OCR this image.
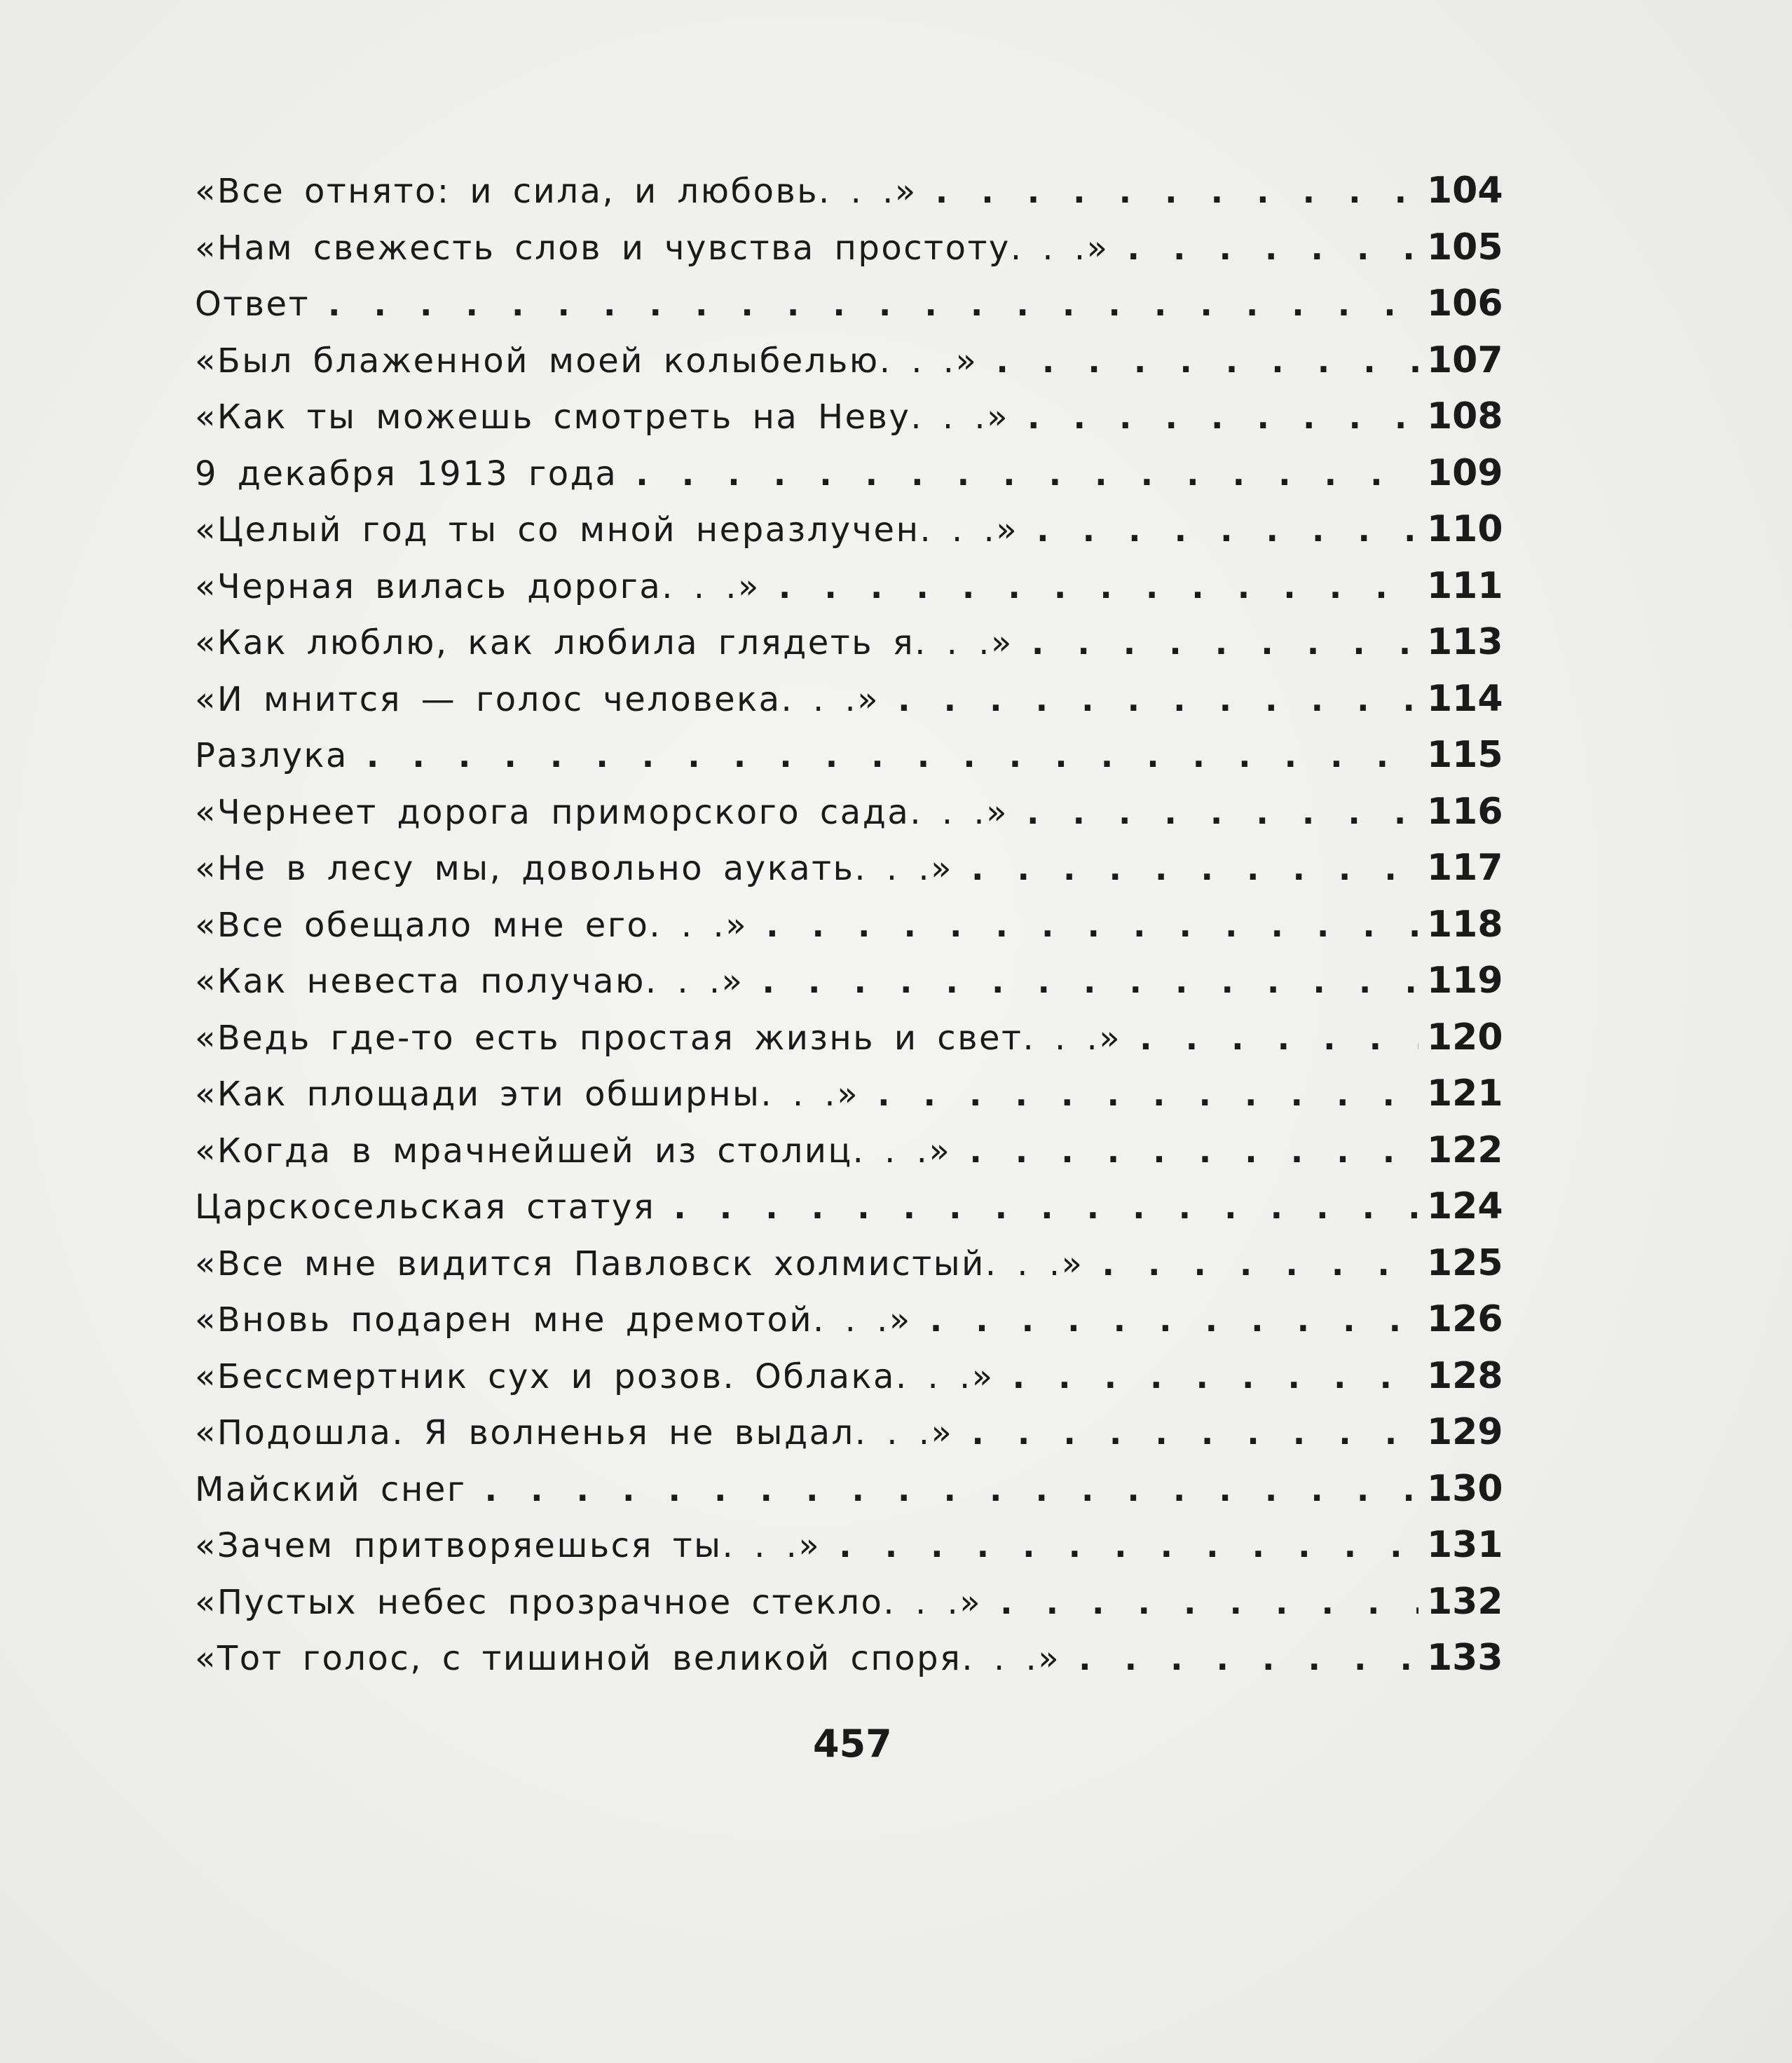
«Все отнято: и сила, и любовь. . .» . . .	104
«Нам свежесть слов и чувства простоту. . .» . . .	105
Ответ . . .	106
«Был блаженной моей колыбелью. . .» . . .	107
«Как ты можешь смотреть на Неву. . .» . . .	108
9 декабря 1913 года . . .	109
«Целый год ты со мной неразлучен. . .» . . .	110
«Черная вилась дорога. . .» . . .	111
«Как люблю, как любила глядеть я. . .» . . .	113
«И мнится — голос человека. . .» . . .	114
Разлука . . .	115
«Чернеет дорога приморского сада. . .» . . .	116
«Не в лесу мы, довольно аукать. . .» . . .	117
«Все обещало мне его. . .» . . .	118
«Как невеста получаю. . .» . . .	119
«Ведь где-то есть простая жизнь и свет. . .» . . .	120
«Как площади эти обширны. . .» . . .	121
«Когда в мрачнейшей из столиц. . .» . . .	122
Царскосельская статуя . . .	124
«Все мне видится Павловск холмистый. . .» . . .	125
«Вновь подарен мне дремотой. . .» . . .	126
«Бессмертник сух и розов. Облака. . .» . . .	128
«Подошла. Я волненья не выдал. . .» . . .	129
Майский снег . . .	130
«Зачем притворяешься ты. . .» . . .	131
«Пустых небес прозрачное стекло. . .» . . .	132
«Тот голос, с тишиной великой споря. . .» . . .	133
457
